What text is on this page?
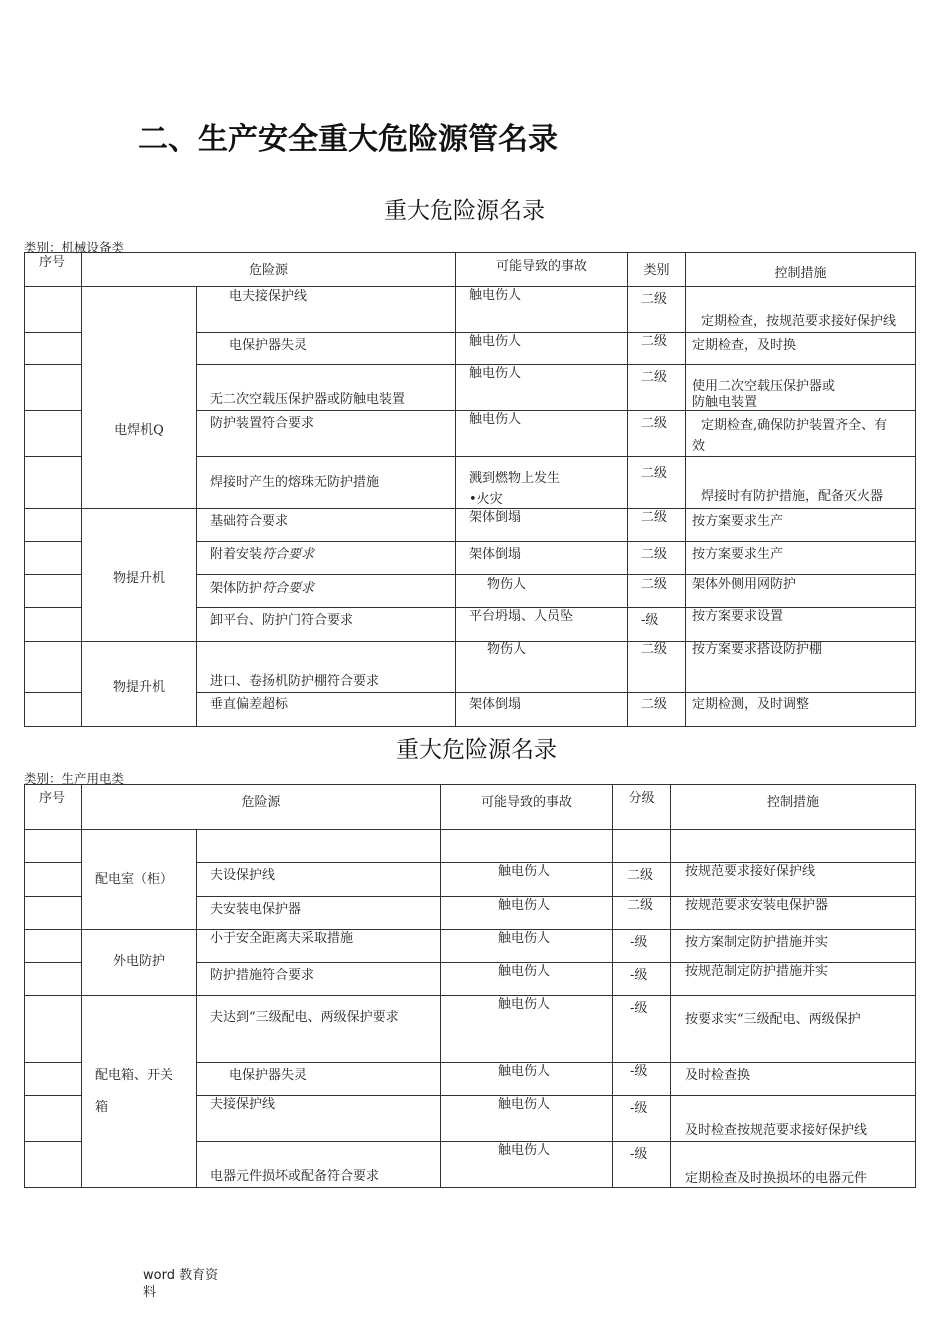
二、生产安全重大危险源管名录
重大危险源名录
类别：机械设备类
序号	危险源		可能导致的事故	类别	控制措施

	电焊机Q	电夫接保护线	触电伤人	二级	定期检查，按规范要求接好保护线

		电保护器失灵	触电伤人	二级	定期检查，及时换

		无二次空载压保护器或防触电装置	触电伤人	二级	使用二次空载压保护器或
防触电装置

		防护装置符合要求	触电伤人	二级	定期检查,确保防护装置齐全、有
效

		焊接时产生的熔珠无防护措施	溅到燃物上发生
•火灾	二级	焊接时有防护措施，配备灭火器

	物提升机	基础符合要求	架体倒塌	二级	按方案要求生产

		附着安装符合要求	架体倒塌	二级	按方案要求生产

		架体防护符合要求	物伤人	二级	架体外侧用网防护

		卸平台、防护门符合要求	平台坍塌、人员坠	-级	按方案要求设置

	物提升机	进口、卷扬机防护棚符合要求	物伤人	二级	按方案要求搭设防护棚

		垂直偏差超标	架体倒塌	二级	定期检测，及时调整
重大危险源名录
类别：生产用电类
序号	危险源		可能导致的事故	分级	控制措施

	配电室（柜）				

		夫设保护线	触电伤人	二级	按规范要求接好保护线

		夫安装电保护器	触电伤人	二级	按规范要求安装电保护器

	外电防护	小于安全距离夫采取措施	触电伤人	-级	按方案制定防护措施并实

		防护措施符合要求	触电伤人	-级	按规范制定防护措施并实

	配电箱、开关
箱	夫达到“三级配电、两级保护要求	触电伤人	-级	按要求实“三级配电、两级保护

		电保护器失灵	触电伤人	-级	及时检查换

		夫接保护线	触电伤人	-级	及时检查按规范要求接好保护线

		电器元件损坏或配备符合要求	触电伤人	-级	定期检查及时换损坏的电器元件
word 教育资
料
